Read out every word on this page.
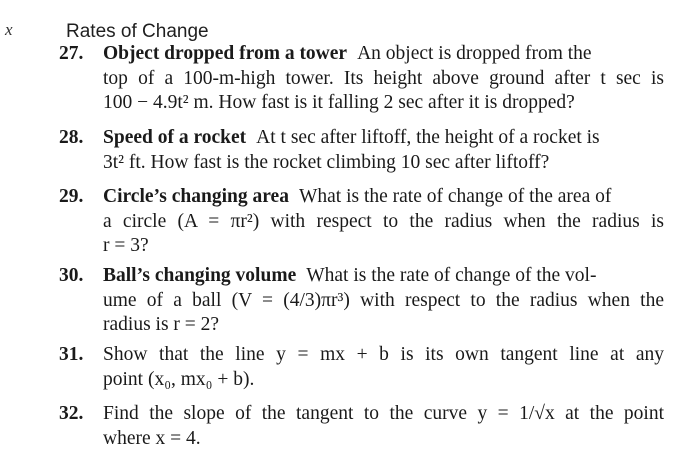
x	Rates of Change
27.	Object dropped from a tower An object is dropped from the
top of a 100-m-high tower. Its height above ground after t sec is
100 − 4.9t² m. How fast is it falling 2 sec after it is dropped?
28.	Speed of a rocket At t sec after liftoff, the height of a rocket is
3t² ft. How fast is the rocket climbing 10 sec after liftoff?
29.	Circle’s changing area What is the rate of change of the area of
a circle (A = πr²) with respect to the radius when the radius is
r = 3?
30.	Ball’s changing volume What is the rate of change of the vol-
ume of a ball (V = (4/3)πr³) with respect to the radius when the
radius is r = 2?
31.	Show that the line y = mx + b is its own tangent line at any
point (x₀, mx₀ + b).
32.	Find the slope of the tangent to the curve y = 1/√x at the point
where x = 4.
